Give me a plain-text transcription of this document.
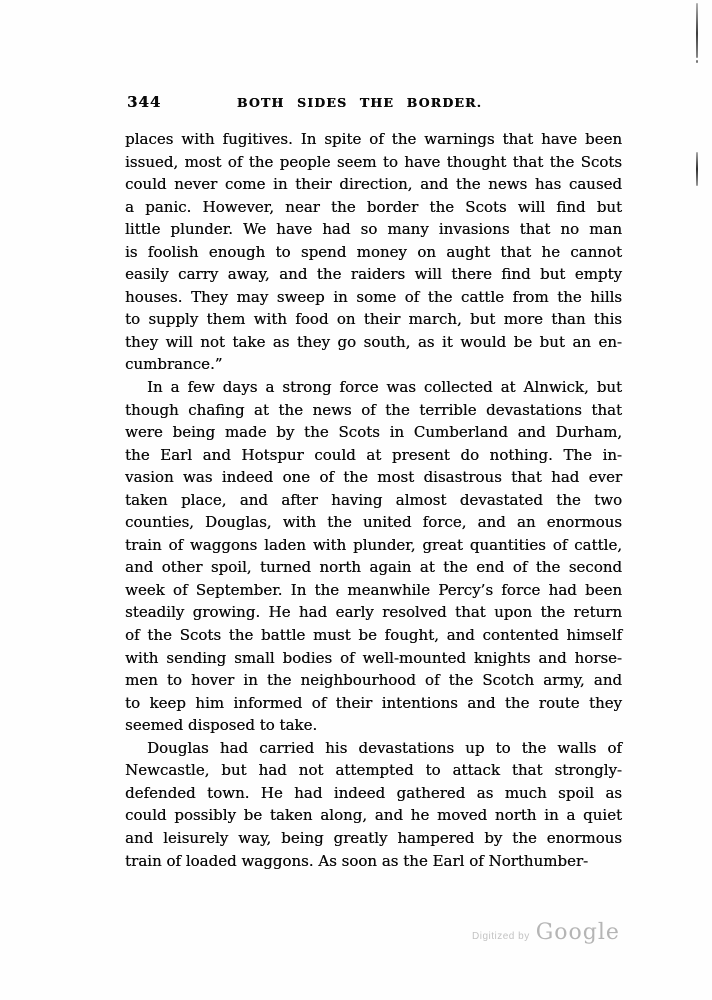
344	BOTH SIDES THE BORDER.
places with fugitives. In spite of the warnings that have been
issued, most of the people seem to have thought that the Scots
could never come in their direction, and the news has caused
a panic. However, near the border the Scots will find but
little plunder. We have had so many invasions that no man
is foolish enough to spend money on aught that he cannot
easily carry away, and the raiders will there find but empty
houses. They may sweep in some of the cattle from the hills
to supply them with food on their march, but more than this
they will not take as they go south, as it would be but an en-
cumbrance.”
In a few days a strong force was collected at Alnwick, but
though chafing at the news of the terrible devastations that
were being made by the Scots in Cumberland and Durham,
the Earl and Hotspur could at present do nothing. The in-
vasion was indeed one of the most disastrous that had ever
taken place, and after having almost devastated the two
counties, Douglas, with the united force, and an enormous
train of waggons laden with plunder, great quantities of cattle,
and other spoil, turned north again at the end of the second
week of September. In the meanwhile Percy’s force had been
steadily growing. He had early resolved that upon the return
of the Scots the battle must be fought, and contented himself
with sending small bodies of well-mounted knights and horse-
men to hover in the neighbourhood of the Scotch army, and
to keep him informed of their intentions and the route they
seemed disposed to take.
Douglas had carried his devastations up to the walls of
Newcastle, but had not attempted to attack that strongly-
defended town. He had indeed gathered as much spoil as
could possibly be taken along, and he moved north in a quiet
and leisurely way, being greatly hampered by the enormous
train of loaded waggons. As soon as the Earl of Northumber-
Digitized by Google
